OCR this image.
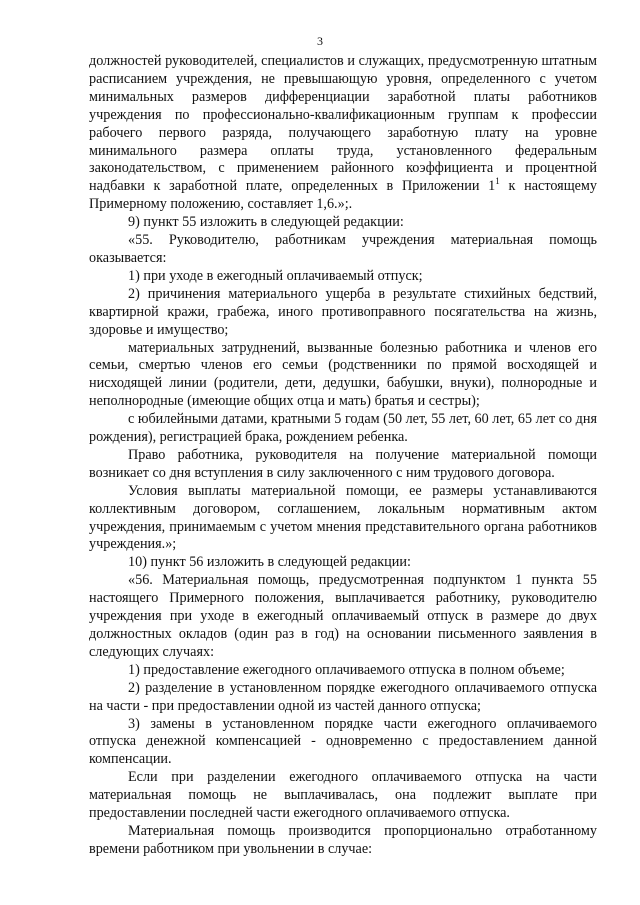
3

должностей руководителей, специалистов и служащих, предусмотренную штатным расписанием учреждения, не превышающую уровня, определенного с учетом минимальных размеров дифференциации заработной платы работников учреждения по профессионально-квалификационным группам к профессии рабочего первого разряда, получающего заработную плату на уровне минимального размера оплаты труда, установленного федеральным законодательством, с применением районного коэффициента и процентной надбавки к заработной плате, определенных в Приложении $1^1$ к настоящему Примерному положению, составляет 1,6.»;.

9) пункт 55 изложить в следующей редакции:

«55. Руководителю, работникам учреждения материальная помощь оказывается:

1) при уходе в ежегодный оплачиваемый отпуск;

2) причинения материального ущерба в результате стихийных бедствий, квартирной кражи, грабежа, иного противоправного посягательства на жизнь, здоровье и имущество;

материальных затруднений, вызванные болезнью работника и членов его семьи, смертью членов его семьи (родственники по прямой восходящей и нисходящей линии (родители, дети, дедушки, бабушки, внуки), полнородные и неполнородные (имеющие общих отца и мать) братья и сестры);

с юбилейными датами, кратными 5 годам (50 лет, 55 лет, 60 лет, 65 лет со дня рождения), регистрацией брака, рождением ребенка.

Право работника, руководителя на получение материальной помощи возникает со дня вступления в силу заключенного с ним трудового договора.

Условия выплаты материальной помощи, ее размеры устанавливаются коллективным договором, соглашением, локальным нормативным актом учреждения, принимаемым с учетом мнения представительного органа работников учреждения.»;

10) пункт 56 изложить в следующей редакции:

«56. Материальная помощь, предусмотренная подпунктом 1 пункта 55 настоящего Примерного положения, выплачивается работнику, руководителю учреждения при уходе в ежегодный оплачиваемый отпуск в размере до двух должностных окладов (один раз в год) на основании письменного заявления в следующих случаях:

1) предоставление ежегодного оплачиваемого отпуска в полном объеме;

2) разделение в установленном порядке ежегодного оплачиваемого отпуска на части - при предоставлении одной из частей данного отпуска;

3) замены в установленном порядке части ежегодного оплачиваемого отпуска денежной компенсацией - одновременно с предоставлением данной компенсации.

Если при разделении ежегодного оплачиваемого отпуска на части материальная помощь не выплачивалась, она подлежит выплате при предоставлении последней части ежегодного оплачиваемого отпуска.

Материальная помощь производится пропорционально отработанному времени работником при увольнении в случае:
